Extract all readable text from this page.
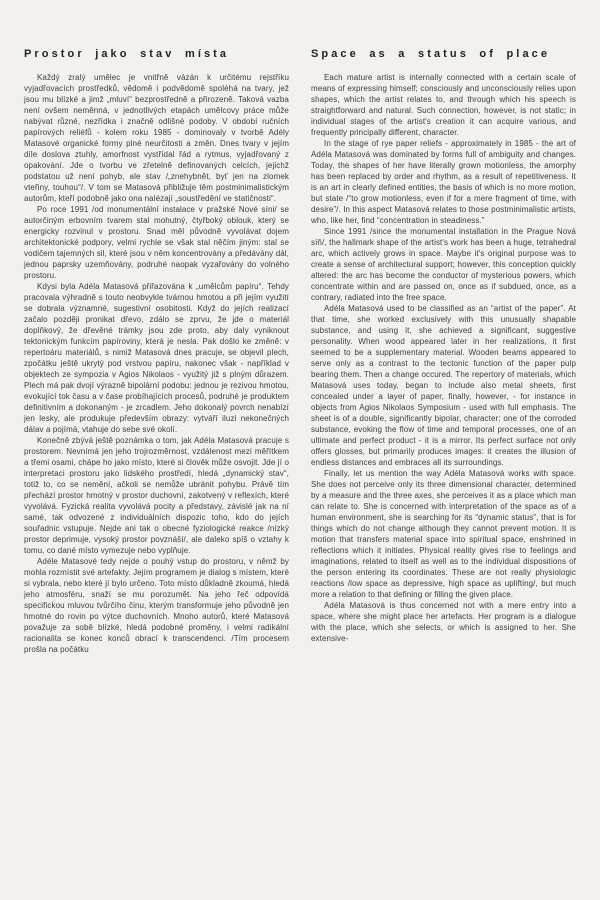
Prostor jako stav místa

Každý zralý umělec je vnitřně vázán k určitému rejstříku vyjadřovacích prostředků, vědomě i podvědomě spoléhá na tvary, jež jsou mu blízké a jimž „mluví“ bezprostředně a přirozeně. Taková vazba není ovšem neměnná, v jednotlivých etapách umělcovy práce může nabývat různé, nezřídka i značně odlišné podoby. V období ručních papírových reliéfů - kolem roku 1985 - dominovaly v tvorbě Adély Matasové organické formy plné neurčitosti a změn. Dnes tvary v jejím díle doslova ztuhly, amorfnost vystřídal řád a rytmus, vyjadřovaný z opakování. Jde o tvorbu ve zřetelně definovaných celcích, jejichž podstatou už není pohyb, ale stav /„znehybnět, byť jen na zlomek vteřiny, touhou“/. V tom se Matasová přibližuje těm postminimalistickým autorům, kteří podobně jako ona nalézají „soustředění ve statičnosti“.

Po roce 1991 /od monumentální instalace v pražské Nové síni/ se autorčiným erbovním tvarem stal mohutný, čtyřboký oblouk, který se energicky rozvinul v prostoru. Snad měl původně vyvolávat dojem architektonické podpory, velmi rychle se však stal něčím jiným: stal se vodičem tajemných sil, které jsou v něm koncentrovány a předávány dál, jednou paprsky uzemňovány, podruhé naopak vyzařovány do volného prostoru.

Kdysi byla Adéla Matasová přiřazována k „umělcům papíru“. Tehdy pracovala výhradně s touto neobvykle tvárnou hmotou a při jejím využití se dobrala významné, sugestivní osobitosti. Když do jejích realizací začalo později pronikat dřevo, zdálo se zprvu, že jde o materiál doplňkový, že dřevěné trámky jsou zde proto, aby daly vyniknout tektonickým funkcím papíroviny, která je nesla. Pak došlo ke změně: v repertoáru materiálů, s nimiž Matasová dnes pracuje, se objevil plech, zpočátku ještě ukrytý pod vrstvou papíru, nakonec však - například v objektech ze sympozia v Agios Nikolaos - využitý již s plným důrazem. Plech má pak dvojí výrazně bipolární podobu: jednou je rezivou hmotou, evokující tok času a v čase probíhajících procesů, podruhé je produktem definitivním a dokonaným - je zrcadlem. Jeho dokonalý povrch nenabízí jen lesky, ale produkuje především obrazy: vytváří iluzi nekonečných dálav a pojímá, vtahuje do sebe své okolí.

Konečně zbývá ještě poznámka o tom, jak Adéla Matasová pracuje s prostorem. Nevnímá jen jeho trojrozměrnost, vzdálenost mezi měřítkem a třemi osami, chápe ho jako místo, které si člověk může osvojit. Jde jí o interpretaci prostoru jako lidského prostředí, hledá „dynamický stav“, totiž to, co se nemění, ačkoli se nemůže ubránit pohybu. Právě tím přechází prostor hmotný v prostor duchovní, zakotvený v reflexích, které vyvolává. Fyzická realita vyvolává pocity a představy, závislé jak na ní samé, tak odvozené z individuálních dispozic toho, kdo do jejích souřadnic vstupuje. Nejde ani tak o obecné fyziologické reakce /nízký prostor deprimuje, vysoký prostor povznáší/, ale daleko spíš o vztahy k tomu, co dané místo vymezuje nebo vyplňuje.

Adéle Matasové tedy nejde o pouhý vstup do prostoru, v němž by mohla rozmístit své artefakty. Jejím programem je dialog s místem, které si vybrala, nebo které jí bylo určeno. Toto místo důkladně zkoumá, hledá jeho atmosféru, snaží se mu porozumět. Na jeho řeč odpovídá specifickou mluvou tvůrčího činu, kterým transformuje jeho původně jen hmotné do rovin po výtce duchovních. Mnoho autorů, které Matasová považuje za sobě blízké, hledá podobné proměny, i velmi radikální racionalita se konec konců obrací k transcendenci. /Tím procesem prošla na počátku

Space as a status of place

Each mature artist is internally connected with a certain scale of means of expressing himself; consciously and unconsciously relies upon shapes, which the artist relates to, and through which his speech is straightforward and natural. Such connection, however, is not static; in individual stages of the artist's creation it can acquire various, and frequently principally different, character.

In the stage of rye paper reliefs - approximately in 1985 - the art of Adéla Matasová was dominated by forms full of ambiguity and changes. Today, the shapes of her have literally grown motionless, the amorphy has been replaced by order and rhythm, as a result of repetitiveness. It is an art in clearly defined entities, the basis of which is no more motion, but state /“to grow motionless, even if for a mere fragment of time, with desire”/. In this aspect Matasová relates to those postminimalistic artists, who, like her, find “concentration in steadiness.”

Since 1991 /since the monumental installation in the Prague Nová síň/, the hallmark shape of the artist's work has been a huge, tetrahedral arc, which actively grows in space. Maybe it's original purpose was to create a sense of architectural support; however, this conception quickly altered: the arc has become the conductor of mysterious powers, which concentrate within and are passed on, once as if subdued, once, as a contrary, radiated into the free space.

Adéla Matasová used to be classified as an “artist of the paper”. At that time, she worked exclusively with this unusually shapable substance, and using it, she achieved a significant, suggestive personality. When wood appeared later in her realizations, it first seemed to be a supplementary material. Wooden beams appeared to serve only as a contrast to the tectonic function of the paper pulp bearing them. Then a change occured. The repertory of materials, which Matasová uses today, began to include also metal sheets, first concealed under a layer of paper, finally, however, - for instance in objects from Agios Nikolaos Symposium - used with full emphasis. The sheet is of a double, significantly bipolar, character: one of the corroded substance, evoking the flow of time and temporal processes, one of an ultimate and perfect product - it is a mirror. Its perfect surface not only offers glosses, but primarily produces images: it creates the illusion of endless distances and embraces all its surroundings.

Finally, let us mention the way Adéla Matasová works with space. She does not perceive only its three dimensional character, determined by a measure and the three axes, she perceives it as a place which man can relate to. She is concerned with interpretation of the space as of a human environment, she is searching for its “dynamic status”, that is for things which do not change although they cannot prevent motion. It is motion that transfers material space into spiritual space, enshrined in reflections which it initiates. Physical reality gives rise to feelings and imaginations, related to itself as well as to the individual dispositions of the person entering its coordinates. These are not really physiologic reactions /low space as depressive, high space as uplifting/, but much more a relation to that defining or filling the given place.

Adéla Matasová is thus concerned not with a mere entry into a space, where she might place her artefacts. Her program is a dialogue with the place, which she selects, or which is assigned to her. She extensive-
